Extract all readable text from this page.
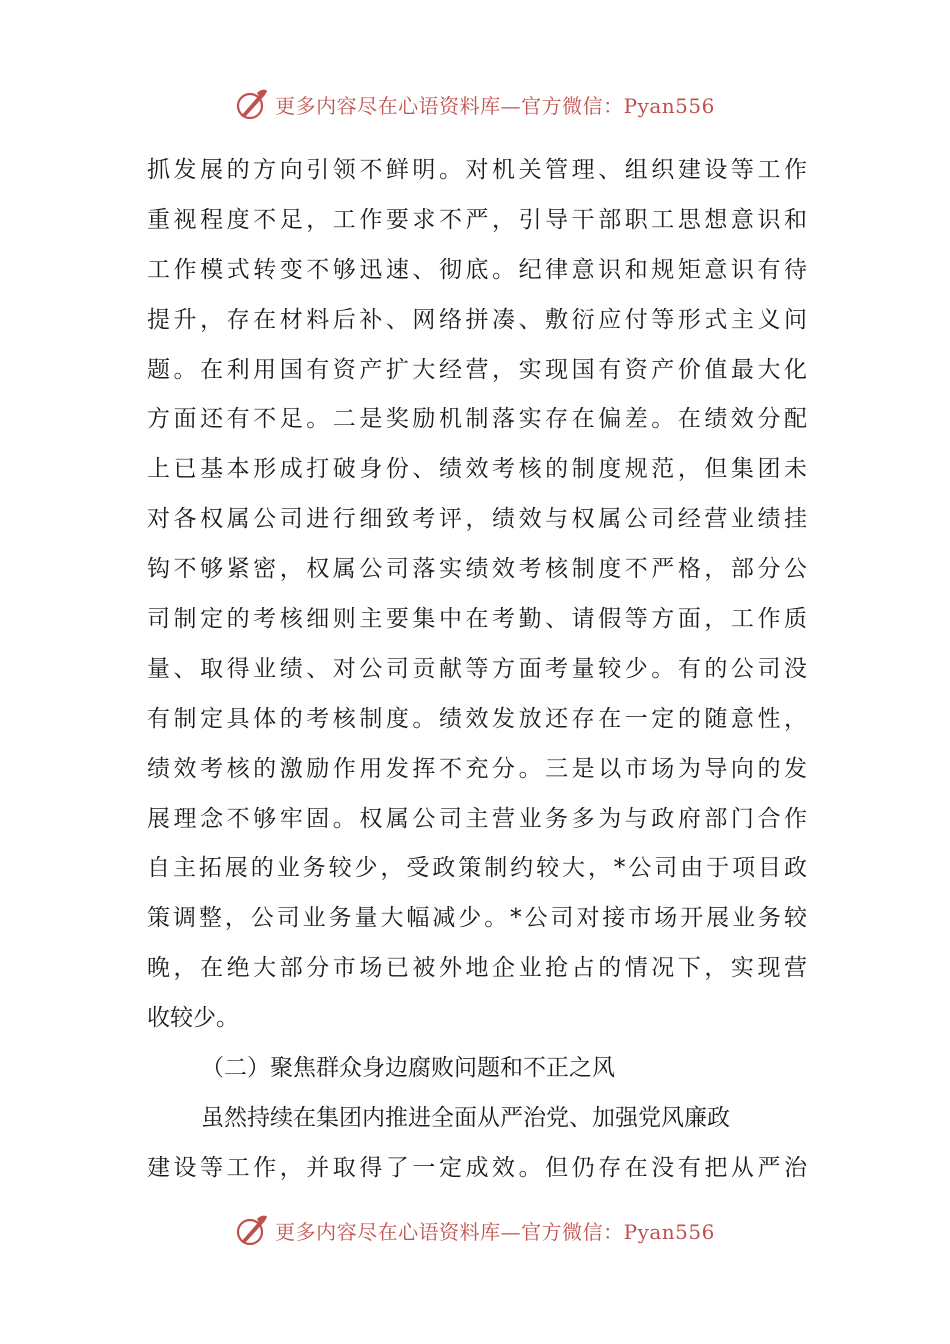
更多内容尽在心语资料库—官方微信：Pyan556
抓发展的方向引领不鲜明。对机关管理、组织建设等工作
重视程度不足，工作要求不严，引导干部职工思想意识和
工作模式转变不够迅速、彻底。纪律意识和规矩意识有待
提升，存在材料后补、网络拼凑、敷衍应付等形式主义问
题。在利用国有资产扩大经营，实现国有资产价值最大化
方面还有不足。二是奖励机制落实存在偏差。在绩效分配
上已基本形成打破身份、绩效考核的制度规范，但集团未
对各权属公司进行细致考评，绩效与权属公司经营业绩挂
钩不够紧密，权属公司落实绩效考核制度不严格，部分公
司制定的考核细则主要集中在考勤、请假等方面，工作质
量、取得业绩、对公司贡献等方面考量较少。有的公司没
有制定具体的考核制度。绩效发放还存在一定的随意性，
绩效考核的激励作用发挥不充分。三是以市场为导向的发
展理念不够牢固。权属公司主营业务多为与政府部门合作
自主拓展的业务较少，受政策制约较大，*公司由于项目政
策调整，公司业务量大幅减少。*公司对接市场开展业务较
晚，在绝大部分市场已被外地企业抢占的情况下，实现营
收较少。
（二）聚焦群众身边腐败问题和不正之风
虽然持续在集团内推进全面从严治党、加强党风廉政
建设等工作，并取得了一定成效。但仍存在没有把从严治
更多内容尽在心语资料库—官方微信：Pyan556
